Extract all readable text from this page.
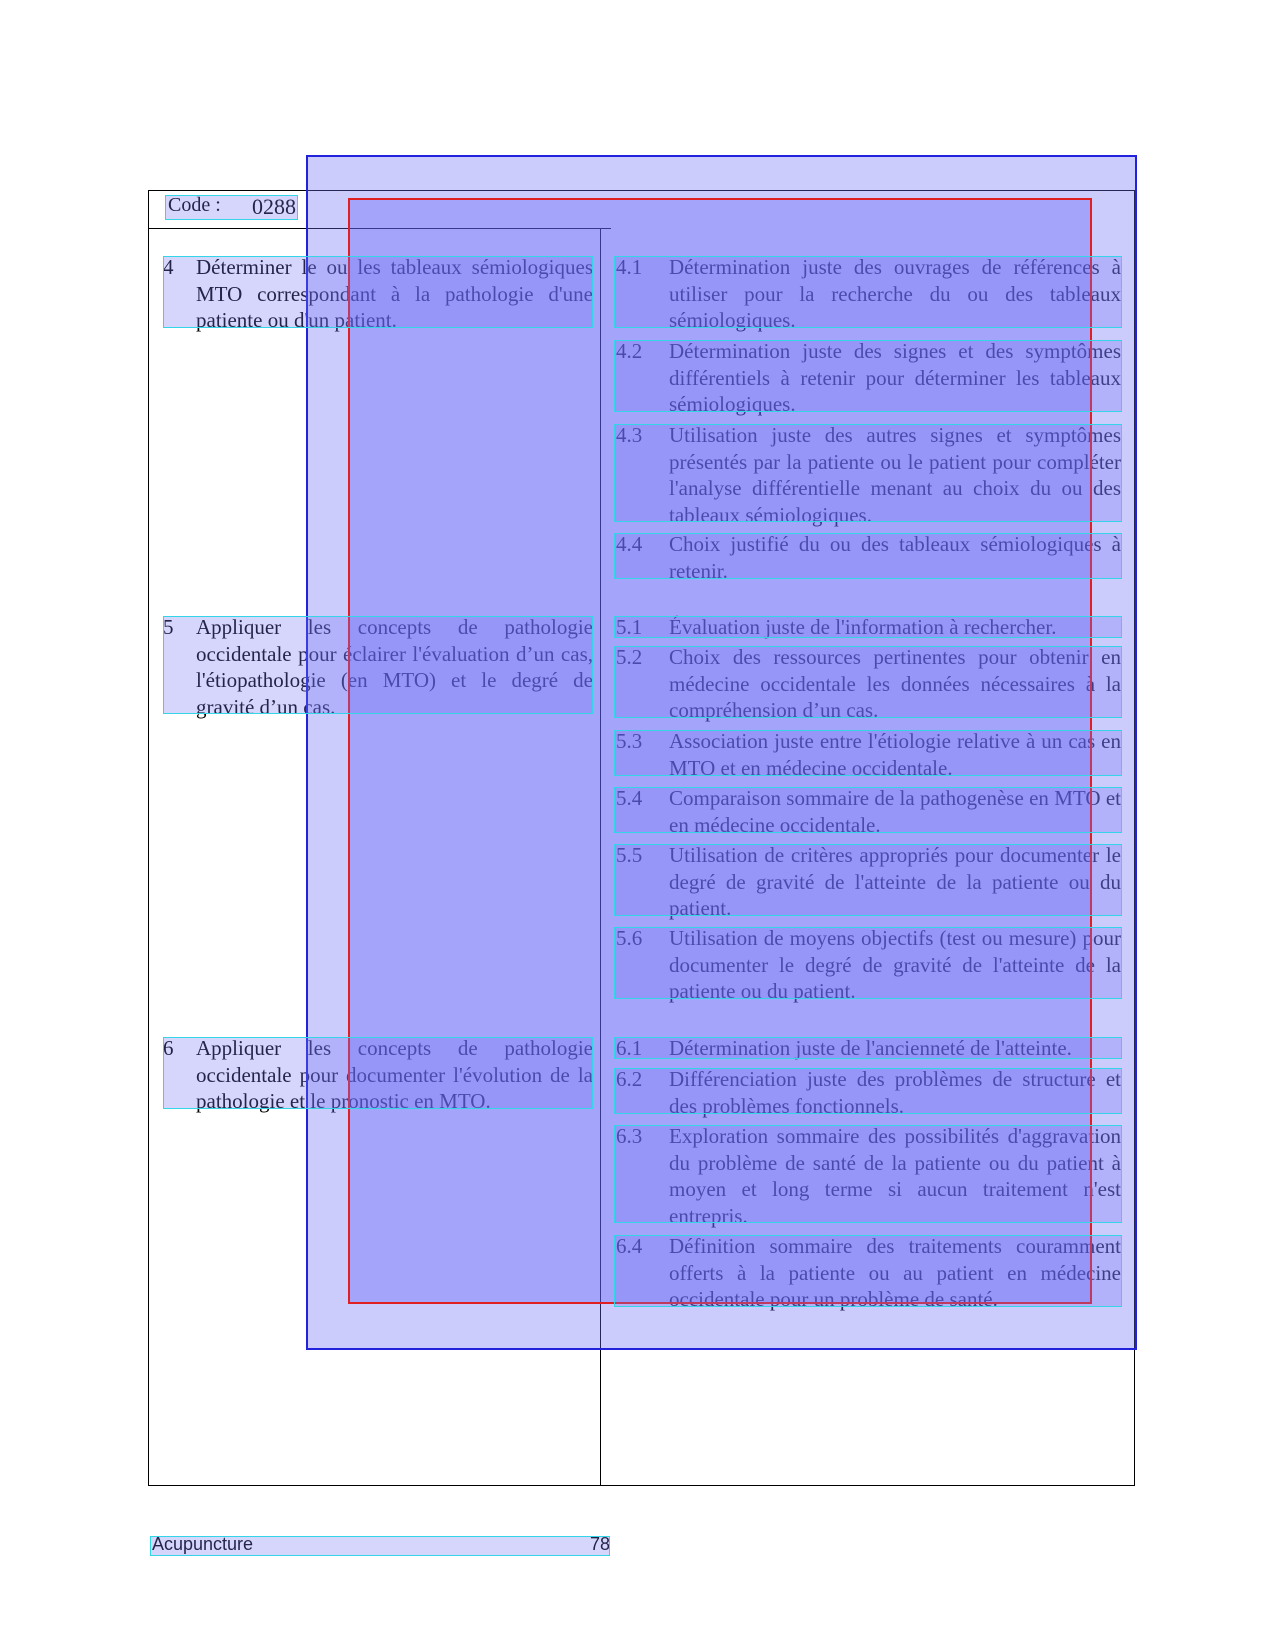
Code : 0288
4 Déterminer le ou les tableaux sémiologiques MTO correspondant à la pathologie d'une patiente ou d'un patient.
5 Appliquer les concepts de pathologie occidentale pour éclairer l'évaluation d’un cas, l'étiopathologie (en MTO) et le degré de gravité d’un cas.
6 Appliquer les concepts de pathologie occidentale pour documenter l'évolution de la pathologie et le pronostic en MTO.
4.1 Détermination juste des ouvrages de références à utiliser pour la recherche du ou des tableaux sémiologiques.
4.2 Détermination juste des signes et des symptômes différentiels à retenir pour déterminer les tableaux sémiologiques.
4.3 Utilisation juste des autres signes et symptômes présentés par la patiente ou le patient pour compléter l'analyse différentielle menant au choix du ou des tableaux sémiologiques.
4.4 Choix justifié du ou des tableaux sémiologiques à retenir.
5.1 Évaluation juste de l'information à rechercher.
5.2 Choix des ressources pertinentes pour obtenir en médecine occidentale les données nécessaires à la compréhension d’un cas.
5.3 Association juste entre l'étiologie relative à un cas en MTO et en médecine occidentale.
5.4 Comparaison sommaire de la pathogenèse en MTO et en médecine occidentale.
5.5 Utilisation de critères appropriés pour documenter le degré de gravité de l'atteinte de la patiente ou du patient.
5.6 Utilisation de moyens objectifs (test ou mesure) pour documenter le degré de gravité de l'atteinte de la patiente ou du patient.
6.1 Détermination juste de l'ancienneté de l'atteinte.
6.2 Différenciation juste des problèmes de structure et des problèmes fonctionnels.
6.3 Exploration sommaire des possibilités d'aggravation du problème de santé de la patiente ou du patient à moyen et long terme si aucun traitement n'est entrepris.
6.4 Définition sommaire des traitements couramment offerts à la patiente ou au patient en médecine occidentale pour un problème de santé.
Acupuncture	78
